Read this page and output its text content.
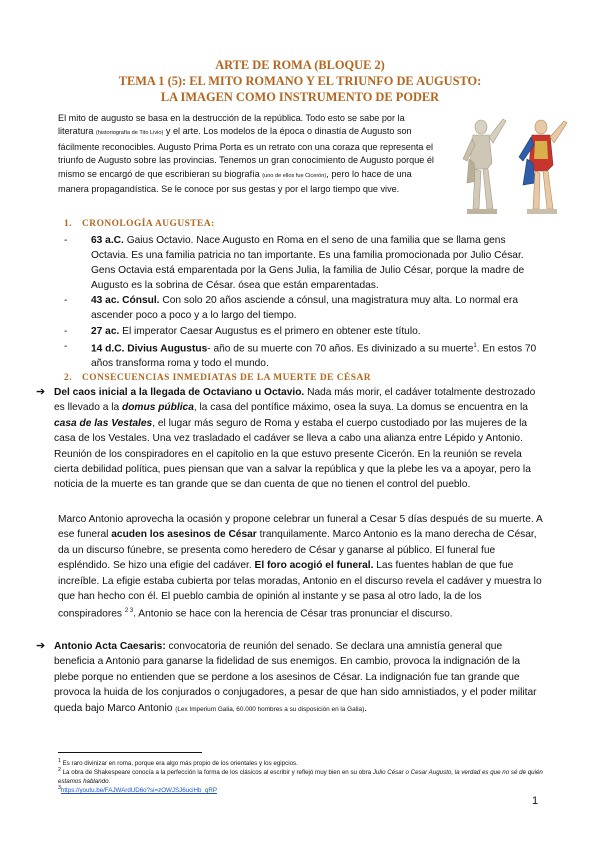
ARTE DE ROMA (BLOQUE 2)
TEMA 1 (5): EL MITO ROMANO Y EL TRIUNFO DE AUGUSTO:
LA IMAGEN COMO INSTRUMENTO DE PODER
El mito de augusto se basa en la destrucción de la república. Todo esto se sabe por la literatura (historiografía de Tito Livio) y el arte. Los modelos de la época o dinastía de Augusto son fácilmente reconocibles. Augusto Prima Porta es un retrato con una coraza que representa el triunfo de Augusto sobre las provincias. Tenemos un gran conocimiento de Augusto porque él mismo se encargó de que escribieran su biografía (uno de ellos fue Cicerón), pero lo hace de una manera propagandística. Se le conoce por sus gestas y por el largo tiempo que vive.
1. CRONOLOGÍA AUGUSTEA:
- 63 a.C. Gaius Octavio. Nace Augusto en Roma en el seno de una familia que se llama gens Octavia. Es una familia patricia no tan importante. Es una familia promocionada por Julio César. Gens Octavia está emparentada por la Gens Julia, la familia de Julio César, porque la madre de Augusto es la sobrina de César. ósea que están emparentadas.
- 43 ac. Cónsul. Con solo 20 años asciende a cónsul, una magistratura muy alta. Lo normal era ascender poco a poco y a lo largo del tiempo.
- 27 ac. El imperator Caesar Augustus es el primero en obtener este título.
- 14 d.C. Divius Augustus- año de su muerte con 70 años. Es divinizado a su muerte$^1$. En estos 70 años transforma roma y todo el mundo.
2. CONSECUENCIAS INMEDIATAS DE LA MUERTE DE CÉSAR
➔ Del caos inicial a la llegada de Octaviano u Octavio. Nada más morir, el cadáver totalmente destrozado es llevado a la domus pública, la casa del pontífice máximo, osea la suya. La domus se encuentra en la casa de las Vestales, el lugar más seguro de Roma y estaba el cuerpo custodiado por las mujeres de la casa de los Vestales. Una vez trasladado el cadáver se lleva a cabo una alianza entre Lépido y Antonio. Reunión de los conspiradores en el capitolio en la que estuvo presente Cicerón. En la reunión se revela cierta debilidad política, pues piensan que van a salvar la república y que la plebe les va a apoyar, pero la noticia de la muerte es tan grande que se dan cuenta de que no tienen el control del pueblo.
Marco Antonio aprovecha la ocasión y propone celebrar un funeral a Cesar 5 días después de su muerte. A ese funeral acuden los asesinos de César tranquilamente. Marco Antonio es la mano derecha de César, da un discurso fúnebre, se presenta como heredero de César y ganarse al público. El funeral fue espléndido. Se hizo una efigie del cadáver. El foro acogió el funeral. Las fuentes hablan de que fue increíble. La efigie estaba cubierta por telas moradas, Antonio en el discurso revela el cadáver y muestra lo que han hecho con él. El pueblo cambia de opinión al instante y se pasa al otro lado, la de los conspiradores $^{2 3}$. Antonio se hace con la herencia de César tras pronunciar el discurso.
➔ Antonio Acta Caesaris: convocatoria de reunión del senado. Se declara una amnistía general que beneficia a Antonio para ganarse la fidelidad de sus enemigos. En cambio, provoca la indignación de la plebe porque no entienden que se perdone a los asesinos de César. La indignación fue tan grande que provoca la huida de los conjurados o conjugadores, a pesar de que han sido amnistiados, y el poder militar queda bajo Marco Antonio (Lex Imperium Galia, 60.000 hombres a su disposición en la Galia).
$^1$ Es raro divinizar en roma, porque era algo más propio de los orientales y los egipcios.
$^2$ La obra de Shakespeare conocía a la perfección la forma de los clásicos al escribir y reflejó muy bien en su obra Julio César o Cesar Augusto, la verdad es que no sé de quién estamos hablando.
$^3$https://youtu.be/FAJWArdUD6o?si=zOWJSJ6uciHb_qRP
1
